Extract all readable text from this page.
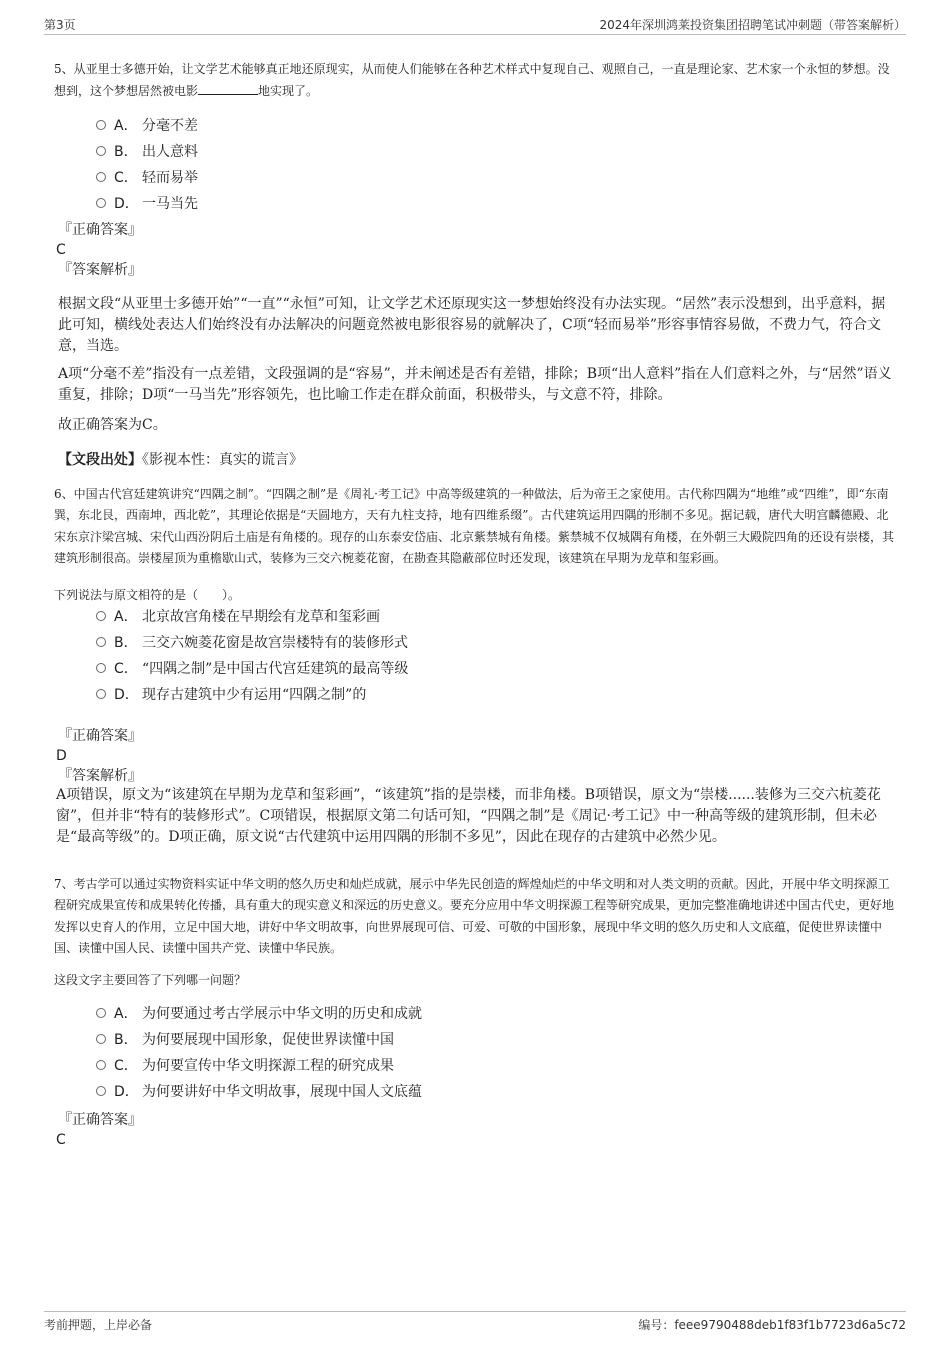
第3页	2024年深圳鸿莱投资集团招聘笔试冲刺题（带答案解析）

5、从亚里士多德开始，让文学艺术能够真正地还原现实，从而使人们能够在各种艺术样式中复现自己、观照自己，一直是理论家、艺术家一个永恒的梦想。没想到，这个梦想居然被电影	地实现了。

A． 分毫不差
B． 出人意料
C． 轻而易举
D． 一马当先

『正确答案』

C

『答案解析』

根据文段“从亚里士多德开始”“一直”“永恒”可知，让文学艺术还原现实这一梦想始终没有办法实现。“居然”表示没想到，出乎意料，据此可知，横线处表达人们始终没有办法解决的问题竟然被电影很容易的就解决了，C项“轻而易举”形容事情容易做，不费力气，符合文意，当选。

A项“分毫不差”指没有一点差错，文段强调的是“容易”，并未阐述是否有差错，排除；B项“出人意料”指在人们意料之外，与“居然”语义重复，排除；D项“一马当先”形容领先，也比喻工作走在群众前面，积极带头，与文意不符，排除。

故正确答案为C。

【文段出处】《影视本性：真实的谎言》

6、中国古代宫廷建筑讲究“四隅之制”。“四隅之制”是《周礼·考工记》中高等级建筑的一种做法，后为帝王之家使用。古代称四隅为“地维”或“四维”，即“东南巽，东北艮，西南坤，西北乾”，其理论依据是“天圆地方，天有九柱支持，地有四维系缀”。古代建筑运用四隅的形制不多见。据记载，唐代大明宫麟德殿、北宋东京汴梁宫城、宋代山西汾阴后土庙是有角楼的。现存的山东泰安岱庙、北京紫禁城有角楼。紫禁城不仅城隅有角楼，在外朝三大殿院四角的还设有崇楼，其建筑形制很高。崇楼屋顶为重檐歇山式，装修为三交六椀菱花窗，在勘查其隐蔽部位时还发现，该建筑在早期为龙草和玺彩画。

下列说法与原文相符的是（　　）。

A． 北京故宫角楼在早期绘有龙草和玺彩画
B． 三交六婉菱花窗是故宫崇楼特有的装修形式
C． “四隅之制”是中国古代宫廷建筑的最高等级
D． 现存古建筑中少有运用“四隅之制”的

『正确答案』

D

『答案解析』

A项错误，原文为“该建筑在早期为龙草和玺彩画”，“该建筑”指的是崇楼，而非角楼。B项错误，原文为“崇楼......装修为三交六杭菱花窗”，但并非“特有的装修形式”。C项错误，根据原文第二句话可知，“四隅之制”是《周记·考工记》中一种高等级的建筑形制，但未必是“最高等级”的。D项正确，原文说“古代建筑中运用四隅的形制不多见”，因此在现存的古建筑中必然少见。

7、考古学可以通过实物资料实证中华文明的悠久历史和灿烂成就，展示中华先民创造的辉煌灿烂的中华文明和对人类文明的贡献。因此，开展中华文明探源工程研究成果宣传和成果转化传播，具有重大的现实意义和深远的历史意义。要充分应用中华文明探源工程等研究成果，更加完整准确地讲述中国古代史，更好地发挥以史育人的作用，立足中国大地，讲好中华文明故事，向世界展现可信、可爱、可敬的中国形象，展现中华文明的悠久历史和人文底蕴，促使世界读懂中国、读懂中国人民、读懂中国共产党、读懂中华民族。

这段文字主要回答了下列哪一问题？

A． 为何要通过考古学展示中华文明的历史和成就
B． 为何要展现中国形象，促使世界读懂中国
C． 为何要宣传中华文明探源工程的研究成果
D． 为何要讲好中华文明故事，展现中国人文底蕴

『正确答案』

C

考前押题，上岸必备	编号：feee9790488deb1f83f1b7723d6a5c72
